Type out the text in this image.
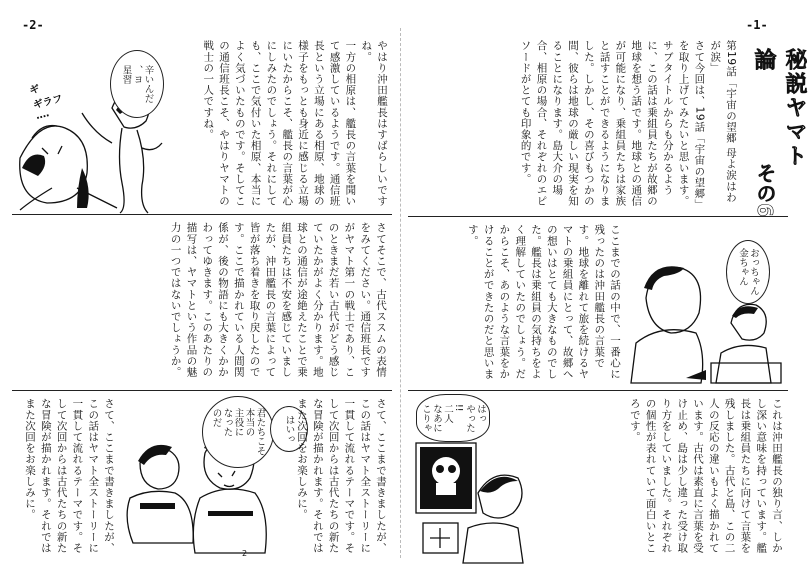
-2-
辛いんだ
、ヨ
星習
ギ
ギラフ
‥‥	やはり沖田艦長はすばらしいですね。
一方の相原は、艦長の言葉を聞いて感激しているようです。通信班長という立場にある相原、地球の様子をもっとも身近に感じる立場にいたからこそ、艦長の言葉が心にしみたのでしょう。それにしても、ここで気付いた相原、本当によく気づいたものです。そしてこの通信班長こそ、やはりヤマトの戦士の一人ですね。
さてそこで、古代ススムの表情をみてください。通信班長ですがヤマト第一の戦士であり、このときまだ若い古代がどう感じていたかがよく分かります。地球との通信が途絶えたことで乗組員たちは不安を感じていましたが、沖田艦長の言葉によって皆が落ち着きを取り戻したのです。ここで描かれている人間関係が、後の物語にも大きくかかわってゆきます。このあたりの描写は、ヤマトという作品の魅力の一つではないでしょうか。
2
君たちこそ
本当の
主役に
なった
のだ	はいっ	さて、ここまで書きましたが、この話はヤマト全ストーリーに一貫して流れるテーマです。そして次回からは古代たちの新たな冒険が描かれます。それではまた次回をお楽しみに。
さて、ここまで書きましたが、この話はヤマト全ストーリーに一貫して流れるテーマです。そして次回からは古代たちの新たな冒険が描かれます。それではまた次回をお楽しみに。
-1-
秘説ヤマト論
その6
第19話「宇宙の望郷 母よ涙はわが涙」
さて今回は、19話「宇宙の望郷」を取り上げてみたいと思います。サブタイトルからも分かるように、この話は乗組員たちが故郷の地球を想う話です。地球との通信が可能になり、乗組員たちは家族と話すことができるようになりました。しかし、その喜びもつかの間、彼らは地球の厳しい現実を知ることになります。島大介の場合、相原の場合、それぞれのエピソードがとても印象的です。
ここまでの話の中で、一番心に残ったのは沖田艦長の言葉です。地球を離れて旅を続けるヤマトの乗組員にとって、故郷への想いはとても大きなものでした。艦長は乗組員の気持ちをよく理解していたのでしょう。だからこそ、あのような言葉をかけることができたのだと思います。
おっちゃん
金ちゃん
はっ
やった
!!
二人
なあに
こりゃ	これは沖田艦長の独り言、しかし深い意味を持っています。艦長は乗組員たちに向けて言葉を残しました。古代と島、この二人の反応の違いもよく描かれています。古代は素直に言葉を受け止め、島は少し違った受け取り方をしていました。それぞれの個性が表れていて面白いところです。
